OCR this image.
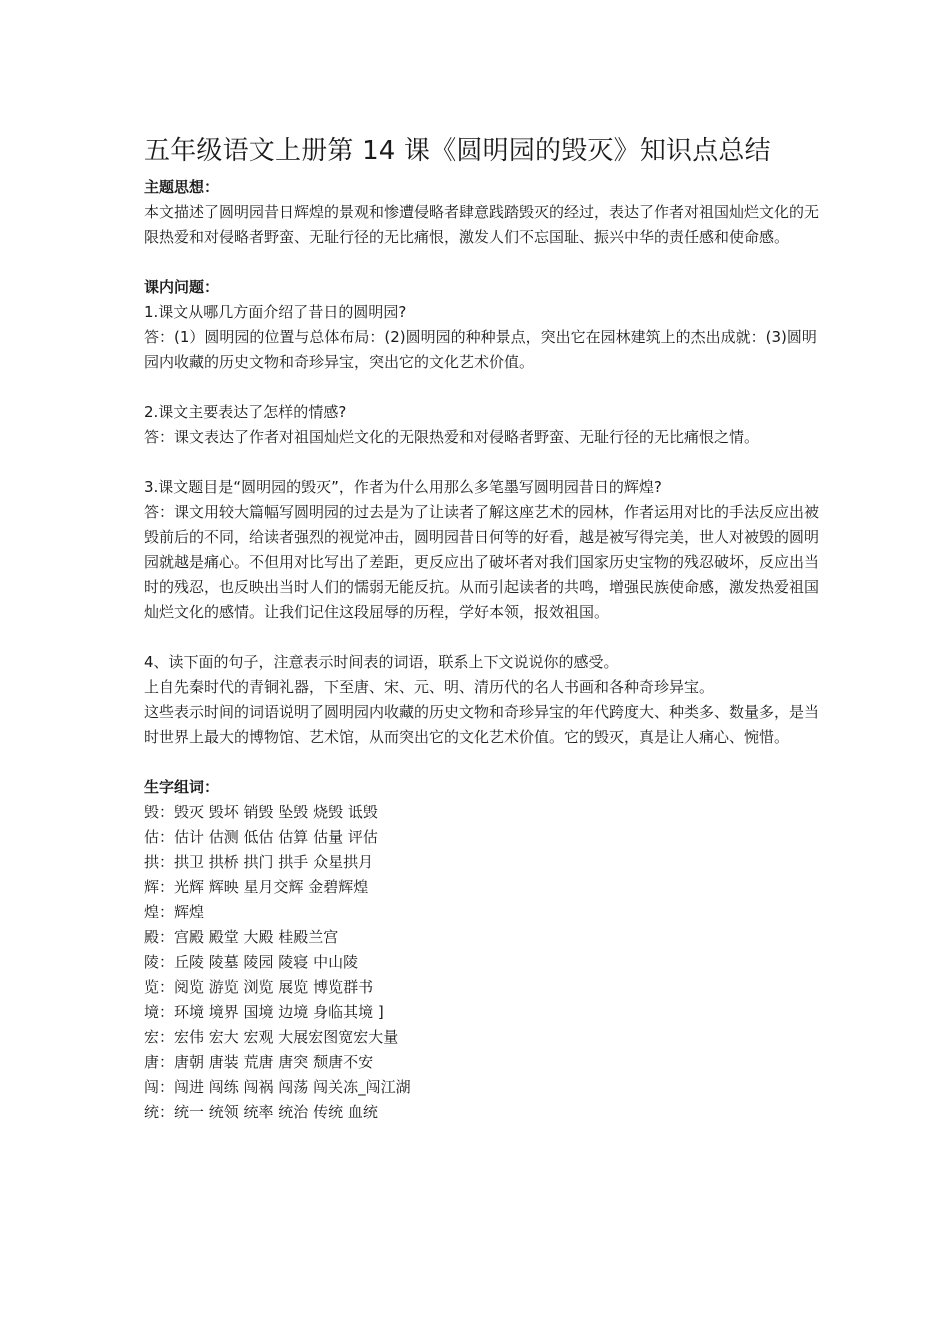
五年级语文上册第 14 课《圆明园的毁灭》知识点总结

主题思想：

本文描述了圆明园昔日辉煌的景观和惨遭侵略者肆意践踏毁灭的经过，表达了作者对祖国灿烂文化的无限热爱和对侵略者野蛮、无耻行径的无比痛恨，激发人们不忘国耻、振兴中华的责任感和使命感。

课内问题：

1.课文从哪几方面介绍了昔日的圆明园?

答：(1）圆明园的位置与总体布局：(2)圆明园的种种景点，突出它在园林建筑上的杰出成就：(3)圆明园内收藏的历史文物和奇珍异宝，突出它的文化艺术价值。

2.课文主要表达了怎样的情感?

答：课文表达了作者对祖国灿烂文化的无限热爱和对侵略者野蛮、无耻行径的无比痛恨之情。

3.课文题目是“圆明园的毁灭”，作者为什么用那么多笔墨写圆明园昔日的辉煌?

答：课文用较大篇幅写圆明园的过去是为了让读者了解这座艺术的园林，作者运用对比的手法反应出被毁前后的不同，给读者强烈的视觉冲击，圆明园昔日何等的好看，越是被写得完美，世人对被毁的圆明园就越是痛心。不但用对比写出了差距，更反应出了破坏者对我们国家历史宝物的残忍破坏，反应出当时的残忍，也反映出当时人们的懦弱无能反抗。从而引起读者的共鸣，增强民族使命感，激发热爱祖国灿烂文化的感情。让我们记住这段屈辱的历程，学好本领，报效祖国。

4、读下面的句子，注意表示时间表的词语，联系上下文说说你的感受。

上自先秦时代的青铜礼器，下至唐、宋、元、明、清历代的名人书画和各种奇珍异宝。

这些表示时间的词语说明了圆明园内收藏的历史文物和奇珍异宝的年代跨度大、种类多、数量多，是当时世界上最大的博物馆、艺术馆，从而突出它的文化艺术价值。它的毁灭，真是让人痛心、惋惜。

生字组词：

毁：毁灭 毁坏 销毁 坠毁 烧毁 诋毁

估：估计 估测 低估 估算 估量 评估

拱：拱卫 拱桥 拱门 拱手 众星拱月

辉：光辉 辉映 星月交辉 金碧辉煌

煌：辉煌

殿：宫殿 殿堂 大殿 桂殿兰宫

陵：丘陵 陵墓 陵园 陵寝 中山陵

览：阅览 游览 浏览 展览 博览群书

境：环境 境界 国境 边境 身临其境 ]

宏：宏伟 宏大 宏观 大展宏图宽宏大量

唐：唐朝 唐装 荒唐 唐突 颓唐不安

闯：闯进 闯练 闯祸 闯荡 闯关冻_闯江湖

统：统一 统领 统率 统治 传统 血统
